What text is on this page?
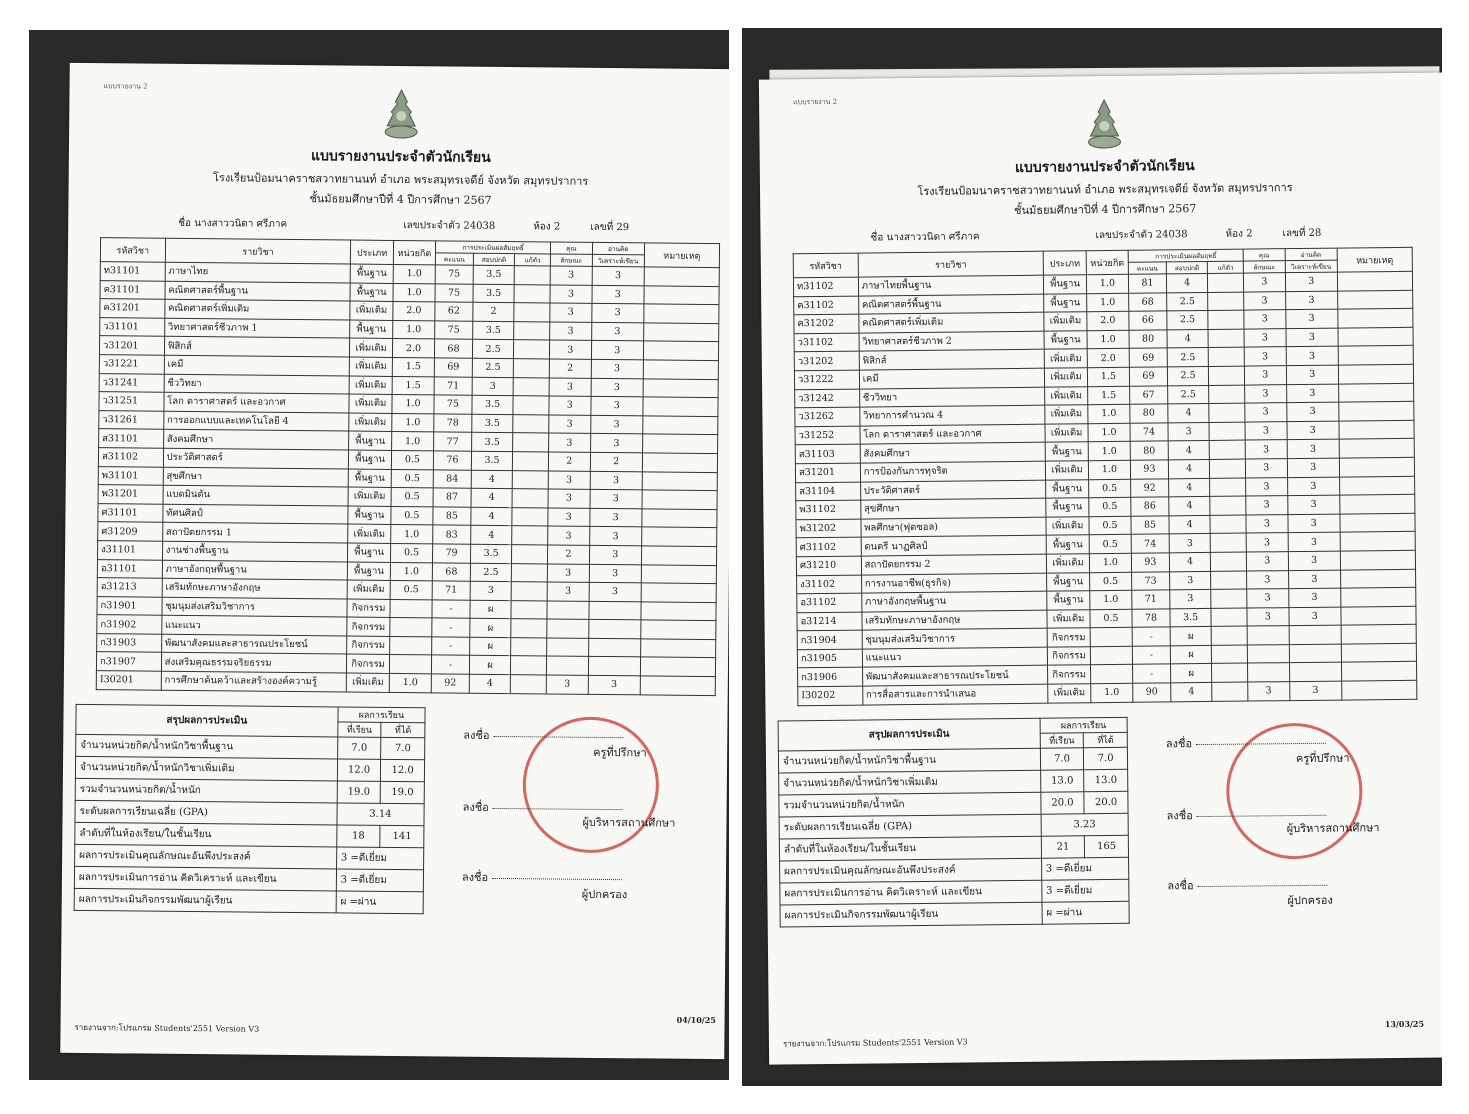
แบบรายงาน 2
แบบรายงานประจำตัวนักเรียน
โรงเรียนป้อมนาคราชสวาทยานนท์ อำเภอ พระสมุทรเจดีย์ จังหวัด สมุทรปราการ
ชั้นมัธยมศึกษาปีที่ 4 ปีการศึกษา 2567
ชื่อ นางสาววนิดา ศรีภาค	เลขประจำตัว 24038	ห้อง 2	เลขที่ 29
รหัสวิชา	รายวิชา	ประเภท	หน่วยกิต	การประเมินผลสัมฤทธิ์			คุณ	อ่านคิด	หมายเหตุ
				คะแนน	สอบปกติ	แก้ตัว	ลักษณะ	วิเคราะห์เขียน	
ท31101	ภาษาไทย	พื้นฐาน	1.0	75	3.5		3	3	
ค31101	คณิตศาสตร์พื้นฐาน	พื้นฐาน	1.0	75	3.5		3	3	
ค31201	คณิตศาสตร์เพิ่มเติม	เพิ่มเติม	2.0	62	2		3	3	
ว31101	วิทยาศาสตร์ชีวภาพ 1	พื้นฐาน	1.0	75	3.5		3	3	
ว31201	ฟิสิกส์	เพิ่มเติม	2.0	68	2.5		3	3	
ว31221	เคมี	เพิ่มเติม	1.5	69	2.5		2	3	
ว31241	ชีววิทยา	เพิ่มเติม	1.5	71	3		3	3	
ว31251	โลก ดาราศาสตร์ และอวกาศ	เพิ่มเติม	1.0	75	3.5		3	3	
ว31261	การออกแบบและเทคโนโลยี 4	เพิ่มเติม	1.0	78	3.5		3	3	
ส31101	สังคมศึกษา	พื้นฐาน	1.0	77	3.5		3	3	
ส31102	ประวัติศาสตร์	พื้นฐาน	0.5	76	3.5		2	2	
พ31101	สุขศึกษา	พื้นฐาน	0.5	84	4		3	3	
พ31201	แบดมินตัน	เพิ่มเติม	0.5	87	4		3	3	
ศ31101	ทัศนศิลป์	พื้นฐาน	0.5	85	4		3	3	
ศ31209	สถาปัตยกรรม 1	เพิ่มเติม	1.0	83	4		3	3	
ง31101	งานช่างพื้นฐาน	พื้นฐาน	0.5	79	3.5		2	3	
อ31101	ภาษาอังกฤษพื้นฐาน	พื้นฐาน	1.0	68	2.5		3	3	
อ31213	เสริมทักษะภาษาอังกฤษ	เพิ่มเติม	0.5	71	3		3	3	
ก31901	ชุมนุมส่งเสริมวิชาการ	กิจกรรม		-	ผ				
ก31902	แนะแนว	กิจกรรม		-	ผ				
ก31903	พัฒนาสังคมและสาธารณประโยชน์	กิจกรรม		-	ผ				
ก31907	ส่งเสริมคุณธรรมจริยธรรม	กิจกรรม		-	ผ				
I30201	การศึกษาค้นคว้าและสร้างองค์ความรู้	เพิ่มเติม	1.0	92	4		3	3	
สรุปผลการประเมิน	ผลการเรียน	
	ที่เรียน	ที่ได้
จำนวนหน่วยกิต/น้ำหนักวิชาพื้นฐาน	7.0	7.0
จำนวนหน่วยกิต/น้ำหนักวิชาเพิ่มเติม	12.0	12.0
รวมจำนวนหน่วยกิต/น้ำหนัก	19.0	19.0
ระดับผลการเรียนเฉลี่ย (GPA)	3.14	
ลำดับที่ในห้องเรียน/ในชั้นเรียน	18	141
ผลการประเมินคุณลักษณะอันพึงประสงค์	3 =ดีเยี่ยม	
ผลการประเมินการอ่าน คิดวิเคราะห์ และเขียน	3 =ดีเยี่ยม	
ผลการประเมินกิจกรรมพัฒนาผู้เรียน	ผ =ผ่าน	
ลงชื่อ
ครูที่ปรึกษา
ลงชื่อ
ผู้บริหารสถานศึกษา
ลงชื่อ
ผู้ปกครอง
รายงานจาก:โปรแกรม Students'2551 Version V3
04/10/25
แบบรายงาน 2
แบบรายงานประจำตัวนักเรียน
โรงเรียนป้อมนาคราชสวาทยานนท์ อำเภอ พระสมุทรเจดีย์ จังหวัด สมุทรปราการ
ชั้นมัธยมศึกษาปีที่ 4 ปีการศึกษา 2567
ชื่อ นางสาววนิดา ศรีภาค	เลขประจำตัว 24038	ห้อง 2	เลขที่ 28
รหัสวิชา	รายวิชา	ประเภท	หน่วยกิต	การประเมินผลสัมฤทธิ์			คุณ	อ่านคิด	หมายเหตุ
				คะแนน	สอบปกติ	แก้ตัว	ลักษณะ	วิเคราะห์เขียน	
ท31102	ภาษาไทยพื้นฐาน	พื้นฐาน	1.0	81	4		3	3	
ค31102	คณิตศาสตร์พื้นฐาน	พื้นฐาน	1.0	68	2.5		3	3	
ค31202	คณิตศาสตร์เพิ่มเติม	เพิ่มเติม	2.0	66	2.5		3	3	
ว31102	วิทยาศาสตร์ชีวภาพ 2	พื้นฐาน	1.0	80	4		3	3	
ว31202	ฟิสิกส์	เพิ่มเติม	2.0	69	2.5		3	3	
ว31222	เคมี	เพิ่มเติม	1.5	69	2.5		3	3	
ว31242	ชีววิทยา	เพิ่มเติม	1.5	67	2.5		3	3	
ว31262	วิทยาการคำนวณ 4	เพิ่มเติม	1.0	80	4		3	3	
ว31252	โลก ดาราศาสตร์ และอวกาศ	เพิ่มเติม	1.0	74	3		3	3	
ส31103	สังคมศึกษา	พื้นฐาน	1.0	80	4		3	3	
ส31201	การป้องกันการทุจริต	เพิ่มเติม	1.0	93	4		3	3	
ส31104	ประวัติศาสตร์	พื้นฐาน	0.5	92	4		3	3	
พ31102	สุขศึกษา	พื้นฐาน	0.5	86	4		3	3	
พ31202	พลศึกษา(ฟุตซอล)	เพิ่มเติม	0.5	85	4		3	3	
ศ31102	ดนตรี นาฏศิลป์	พื้นฐาน	0.5	74	3		3	3	
ศ31210	สถาปัตยกรรม 2	เพิ่มเติม	1.0	93	4		3	3	
ง31102	การงานอาชีพ(ธุรกิจ)	พื้นฐาน	0.5	73	3		3	3	
อ31102	ภาษาอังกฤษพื้นฐาน	พื้นฐาน	1.0	71	3		3	3	
อ31214	เสริมทักษะภาษาอังกฤษ	เพิ่มเติม	0.5	78	3.5		3	3	
ก31904	ชุมนุมส่งเสริมวิชาการ	กิจกรรม		-	ผ				
ก31905	แนะแนว	กิจกรรม		-	ผ				
ก31906	พัฒนาสังคมและสาธารณประโยชน์	กิจกรรม		-	ผ				
I30202	การสื่อสารและการนำเสนอ	เพิ่มเติม	1.0	90	4		3	3	
สรุปผลการประเมิน	ผลการเรียน	
	ที่เรียน	ที่ได้
จำนวนหน่วยกิต/น้ำหนักวิชาพื้นฐาน	7.0	7.0
จำนวนหน่วยกิต/น้ำหนักวิชาเพิ่มเติม	13.0	13.0
รวมจำนวนหน่วยกิต/น้ำหนัก	20.0	20.0
ระดับผลการเรียนเฉลี่ย (GPA)	3.23	
ลำดับที่ในห้องเรียน/ในชั้นเรียน	21	165
ผลการประเมินคุณลักษณะอันพึงประสงค์	3 =ดีเยี่ยม	
ผลการประเมินการอ่าน คิดวิเคราะห์ และเขียน	3 =ดีเยี่ยม	
ผลการประเมินกิจกรรมพัฒนาผู้เรียน	ผ =ผ่าน	
ลงชื่อ
ครูที่ปรึกษา
ลงชื่อ
ผู้บริหารสถานศึกษา
ลงชื่อ
ผู้ปกครอง
รายงานจาก:โปรแกรม Students'2551 Version V3
13/03/25
